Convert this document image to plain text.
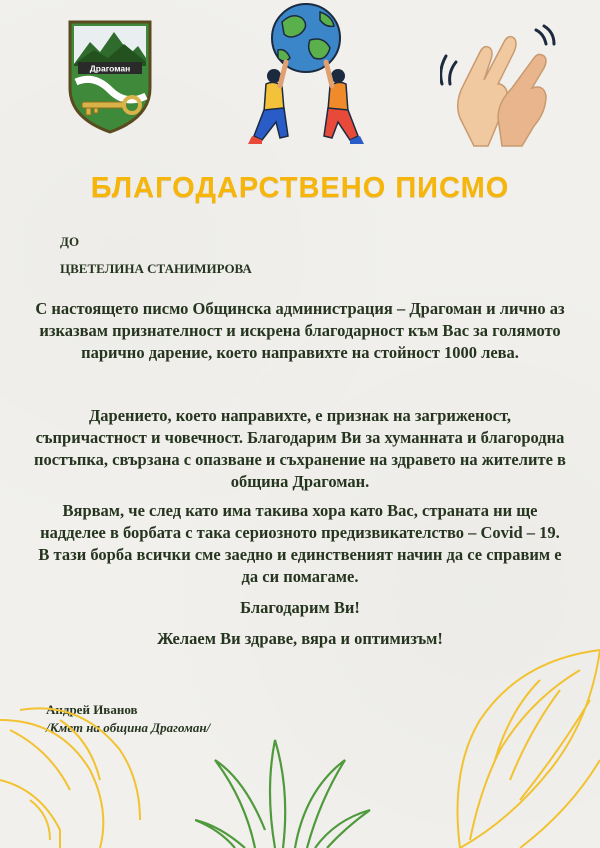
Драгоман
БЛАГОДАРСТВЕНО ПИСМО
ДО
ЦВЕТЕЛИНА СТАНИМИРОВА
С настоящето писмо Общинска администрация – Драгоман и лично аз изказвам признателност и искрена благодарност към Вас за голямото парично дарение, което направихте на стойност 1000 лева.
Дарението, което направихте, е признак на загриженост, съпричастност и човечност. Благодарим Ви за хуманната и благородна постъпка, свързана с опазване и съхранение на здравето на жителите в община Драгоман.
Вярвам, че след като има такива хора като Вас, страната ни ще надделее в борбата с така сериозното предизвикателство – Covid – 19. В тази борба всички сме заедно и единственият начин да се справим е да си помагаме.
Благодарим Ви!
Желаем Ви здраве, вяра и оптимизъм!
Андрей Иванов
/Кмет на община Драгоман/
